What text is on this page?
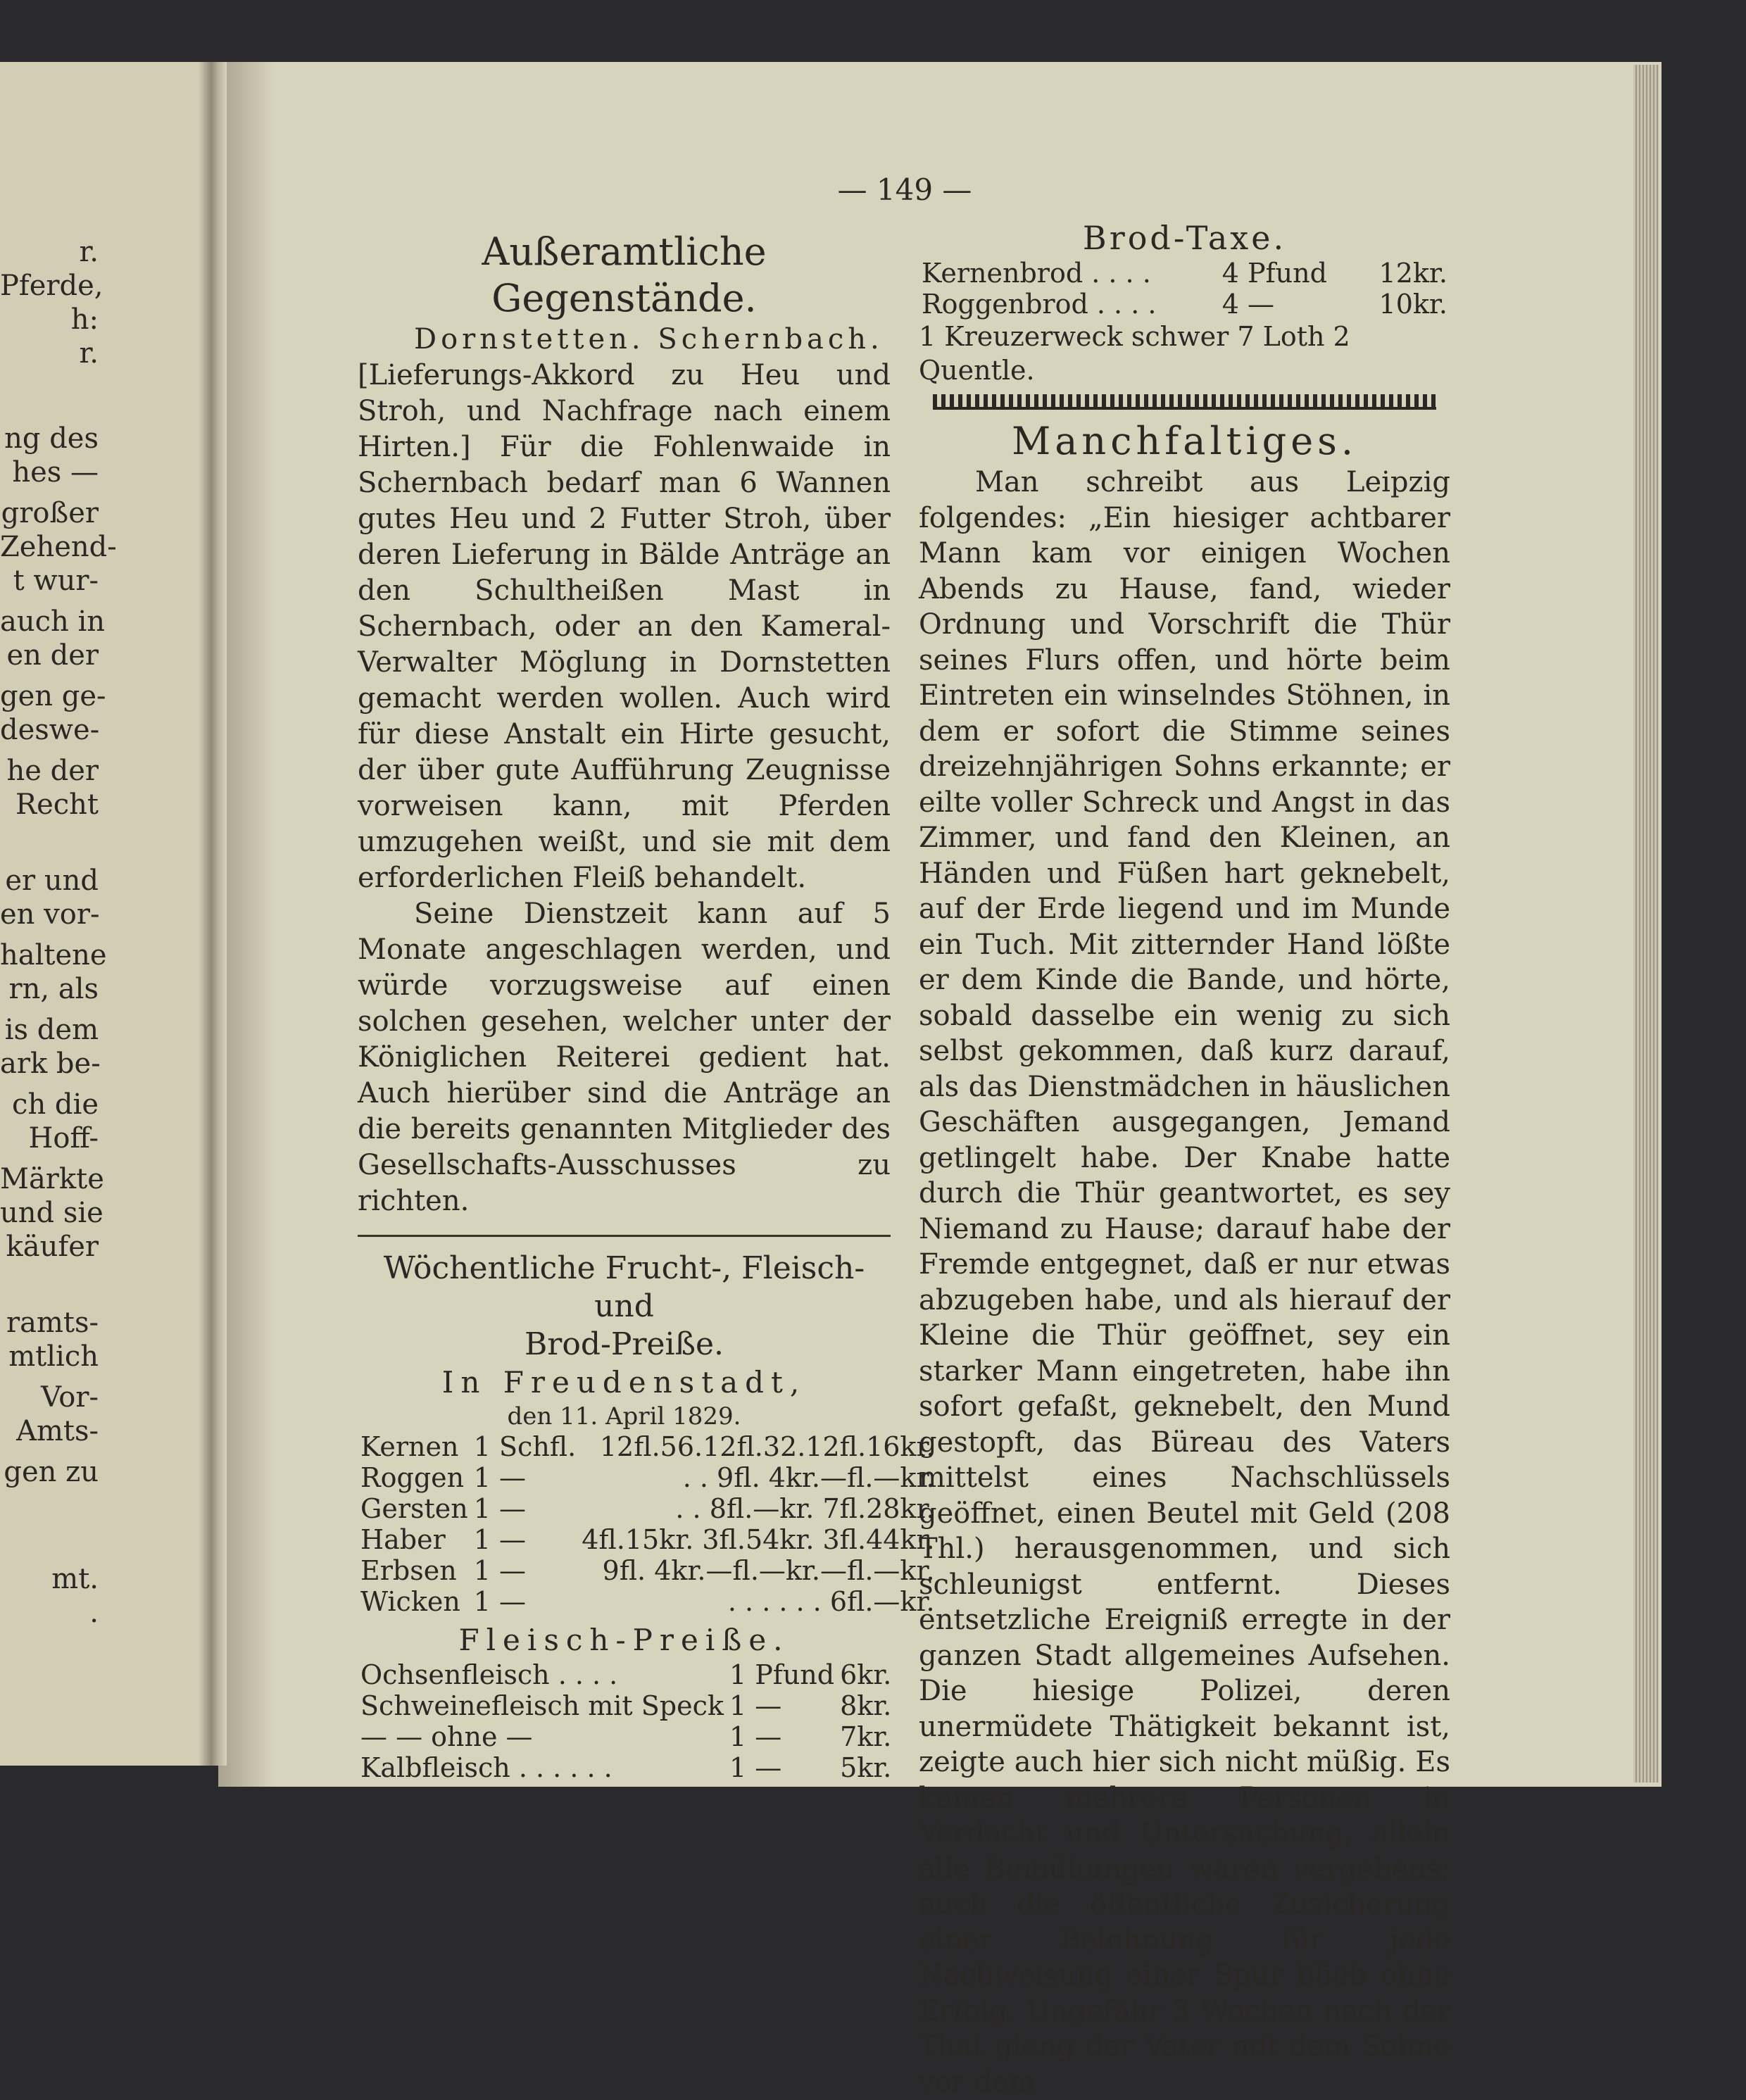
r.
Pferde,
h:
r.
ng des
hes —
großer
Zehend-
t wur-
auch in
en der
gen ge-
deswe-
he der
Recht
er und
en vor-
haltene
rn, als
is dem
ark be-
ch die
Hoff-
Märkte
und sie
käufer
ramts-
mtlich
Vor-
Amts-
gen zu
mt.
.
— 149 —
Außeramtliche Gegenstände.

Dornstetten. Schernbach.

[Lieferungs-Akkord zu Heu und Stroh, und Nachfrage nach einem Hirten.] Für die Fohlenwaide in Schernbach bedarf man 6 Wannen gutes Heu und 2 Futter Stroh, über deren Lieferung in Bälde Anträge an den Schultheißen Mast in Schernbach, oder an den Kameral-Verwalter Möglung in Dornstetten gemacht werden wollen. Auch wird für diese Anstalt ein Hirte gesucht, der über gute Aufführung Zeugnisse vorweisen kann, mit Pferden umzugehen weißt, und sie mit dem erforderlichen Fleiß behandelt.

Seine Dienstzeit kann auf 5 Monate angeschlagen werden, und würde vorzugsweise auf einen solchen gesehen, welcher unter der Königlichen Reiterei gedient hat. Auch hierüber sind die Anträge an die bereits genannten Mitglieder des Gesellschafts-Ausschusses zu richten.

Wöchentliche Frucht-, Fleisch- und
Brod-Preiße.
In Freudenstadt,
den 11. April 1829.
Kernen	1 Schfl.	12fl.56.12fl.32.12fl.16kr.
Roggen	1 —	. . 9fl. 4kr.—fl.—kr.
Gersten	1 —	. . 8fl.—kr. 7fl.28kr.
Haber	1 —	4fl.15kr. 3fl.54kr. 3fl.44kr.
Erbsen	1 —	9fl. 4kr.—fl.—kr.—fl.—kr.
Wicken	1 —	. . . . . . 6fl.—kr.
Fleisch-Preiße.
Ochsenfleisch . . . .	1 Pfund	6kr.
Schweinefleisch mit Speck	1 —	8kr.
— — ohne —	1 —	7kr.
Kalbfleisch . . . . . .	1 —	5kr.
Brod-Taxe.
Kernenbrod . . . .	4 Pfund	12kr.
Roggenbrod . . . .	4 —	10kr.
1 Kreuzerweck schwer 7 Loth 2 Quentle.
Manchfaltiges.

Man schreibt aus Leipzig folgendes: „Ein hiesiger achtbarer Mann kam vor einigen Wochen Abends zu Hause, fand, wieder Ordnung und Vorschrift die Thür seines Flurs offen, und hörte beim Eintreten ein winselndes Stöhnen, in dem er sofort die Stimme seines dreizehnjährigen Sohns erkannte; er eilte voller Schreck und Angst in das Zimmer, und fand den Kleinen, an Händen und Füßen hart geknebelt, auf der Erde liegend und im Munde ein Tuch. Mit zitternder Hand lößte er dem Kinde die Bande, und hörte, sobald dasselbe ein wenig zu sich selbst gekommen, daß kurz darauf, als das Dienstmädchen in häuslichen Geschäften ausgegangen, Jemand getlingelt habe. Der Knabe hatte durch die Thür geantwortet, es sey Niemand zu Hause; darauf habe der Fremde entgegnet, daß er nur etwas abzugeben habe, und als hierauf der Kleine die Thür geöffnet, sey ein starker Mann eingetreten, habe ihn sofort gefaßt, geknebelt, den Mund gestopft, das Büreau des Vaters mittelst eines Nachschlüssels geöffnet, einen Beutel mit Geld (208 Thl.) herausgenommen, und sich schleunigst entfernt. Dieses entsetzliche Ereigniß erregte in der ganzen Stadt allgemeines Aufsehen. Die hiesige Polizei, deren unermüdete Thätigkeit bekannt ist, zeigte auch hier sich nicht müßig. Es kamen mehrere Personen in Verdacht und Untersuchung, allein alle Bemühungen waren vergebens; auch die öffentliche Zusicherung einer Belohnung für jede Nachweisung einer Spur blieb ohne Erfolg. Ungefähr 3 Wochen nach der That gieng der Vater mit dem Sohne vor dem
